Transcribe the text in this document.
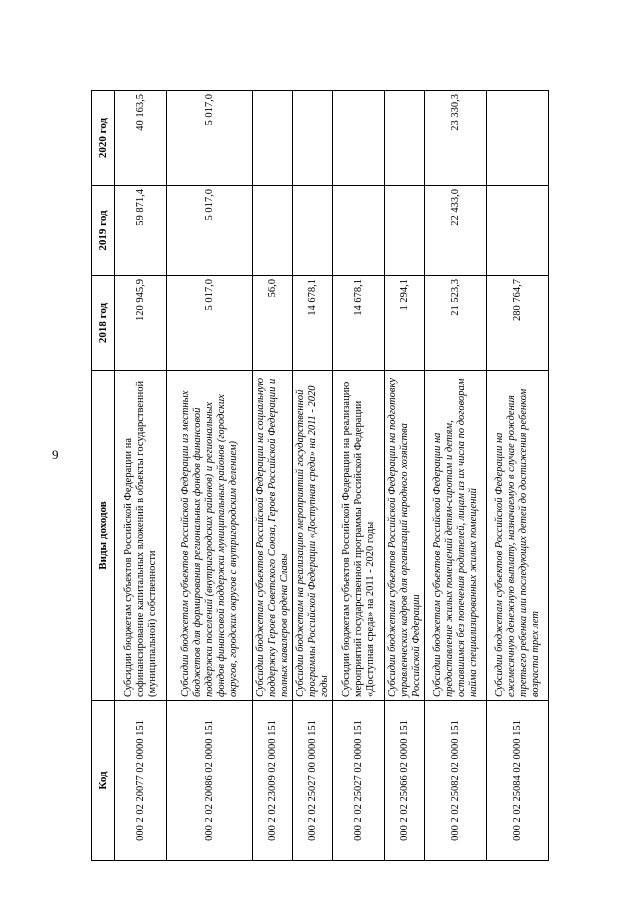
9
Код	Виды доходов	2018 год	2019 год	2020 год
000 2 02 20077 02 0000 151	Субсидии бюджетам субъектов Российской Федерации на софинансирование капитальных вложений в объекты государственной (муниципальной) собственности	120 945,9	59 871,4	40 163,5
000 2 02 20086 02 0000 151	Субсидии бюджетам субъектов Российской Федерации из местных бюджетов для формирования региональных фондов финансовой поддержки поселений (внутригородских районов) и региональных фондов финансовой поддержки муниципальных районов (городских округов, городских округов с внутригородским делением)	5 017,0	5 017,0	5 017,0
000 2 02 23009 02 0000 151	Субсидии бюджетам субъектов Российской Федерации на социальную поддержку Героев Советского Союза, Героев Российской Федерации и полных кавалеров ордена Славы	56,0		
000 2 02 25027 00 0000 151	Субсидии бюджетам на реализацию мероприятий государственной программы Российской Федерации «Доступная среда» на 2011 - 2020 годы	14 678,1		
000 2 02 25027 02 0000 151	Субсидии бюджетам субъектов Российской Федерации на реализацию мероприятий государственной программы Российской Федерации «Доступная среда» на 2011 - 2020 годы	14 678,1		
000 2 02 25066 02 0000 151	Субсидии бюджетам субъектов Российской Федерации на подготовку управленческих кадров для организаций народного хозяйства Российской Федерации	1 294,1		
000 2 02 25082 02 0000 151	Субсидии бюджетам субъектов Российской Федерации на предоставление жилых помещений детям-сиротам и детям, оставшимся без попечения родителей, лицам из их числа по договорам найма специализированных жилых помещений	21 523,3	22 433,0	23 330,3
000 2 02 25084 02 0000 151	Субсидии бюджетам субъектов Российской Федерации на ежемесячную денежную выплату, назначаемую в случае рождения третьего ребенка или последующих детей до достижения ребенком возраста трех лет	280 764,7		
